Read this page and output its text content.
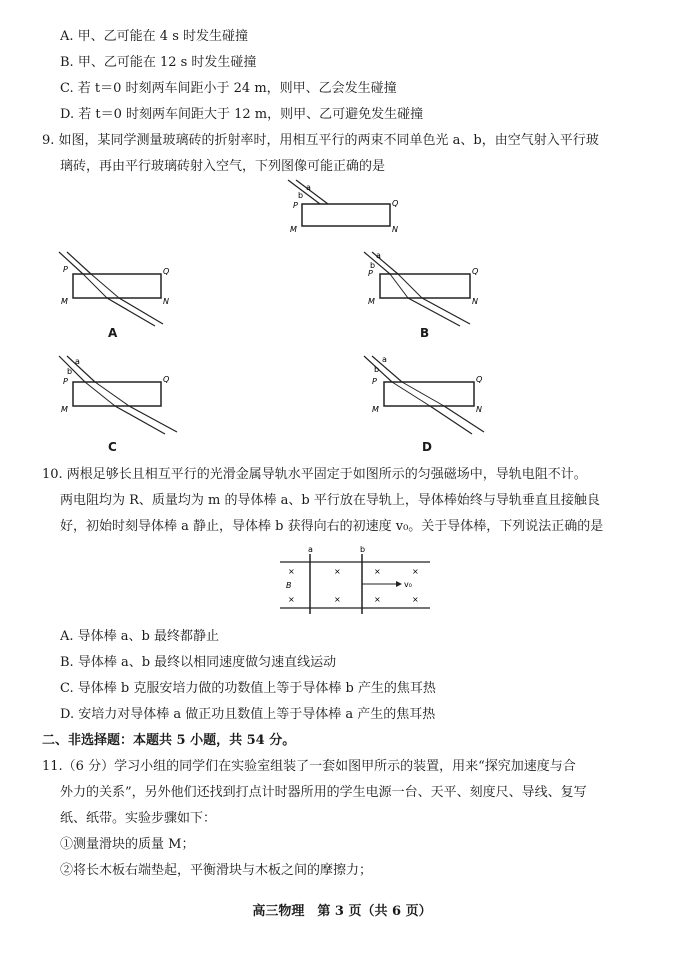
A. 甲、乙可能在 4 s 时发生碰撞
B. 甲、乙可能在 12 s 时发生碰撞
C. 若 t＝0 时刻两车间距小于 24 m，则甲、乙会发生碰撞
D. 若 t＝0 时刻两车间距大于 12 m，则甲、乙可避免发生碰撞
9. 如图，某同学测量玻璃砖的折射率时，用相互平行的两束不同单色光 a、b，由空气射入平行玻
璃砖，再由平行玻璃砖射入空气，下列图像可能正确的是
a
b
P	Q
M	N
P	Q
M	N
A
a
b
P	Q
M	N
B
a
b
P	Q
M
C
a
b
P	Q
M	N
D
10. 两根足够长且相互平行的光滑金属导轨水平固定于如图所示的匀强磁场中，导轨电阻不计。
两电阻均为 R、质量均为 m 的导体棒 a、b 平行放在导轨上，导体棒始终与导轨垂直且接触良
好，初始时刻导体棒 a 静止，导体棒 b 获得向右的初速度 v₀。关于导体棒，下列说法正确的是
a	b
B
×	×	×	×
×	×	×	×
v₀
A. 导体棒 a、b 最终都静止
B. 导体棒 a、b 最终以相同速度做匀速直线运动
C. 导体棒 b 克服安培力做的功数值上等于导体棒 b 产生的焦耳热
D. 安培力对导体棒 a 做正功且数值上等于导体棒 a 产生的焦耳热
二、非选择题：本题共 5 小题，共 54 分。
11.（6 分）学习小组的同学们在实验室组装了一套如图甲所示的装置，用来“探究加速度与合
外力的关系”，另外他们还找到打点计时器所用的学生电源一台、天平、刻度尺、导线、复写
纸、纸带。实验步骤如下：
①测量滑块的质量 M；
②将长木板右端垫起，平衡滑块与木板之间的摩擦力；
高三物理　第 3 页（共 6 页）
